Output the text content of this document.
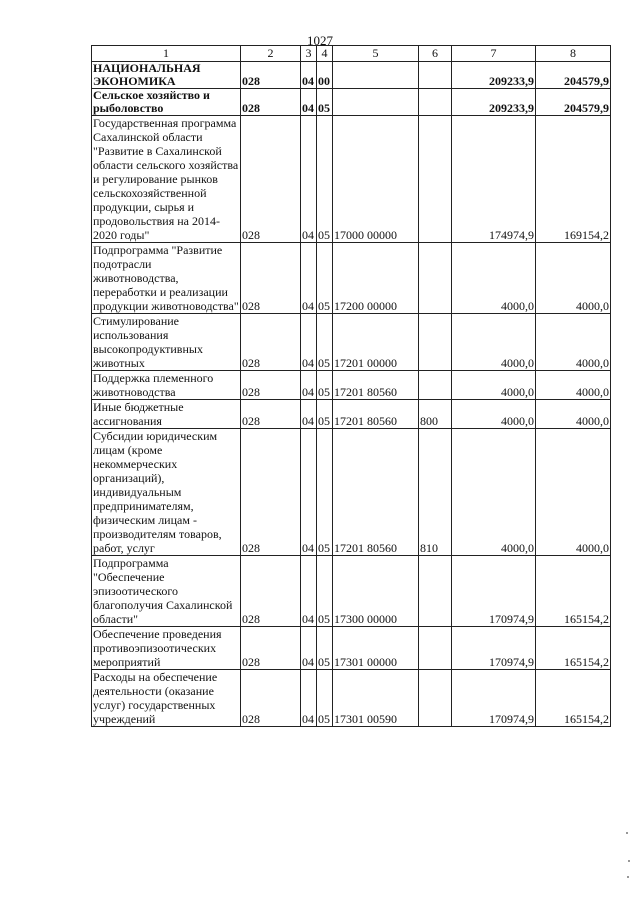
1027
1	2	3	4	5	6	7	8
НАЦИОНАЛЬНАЯ ЭКОНОМИКА	028	04	00			209233,9	204579,9
Сельское хозяйство и рыболовство	028	04	05			209233,9	204579,9
Государственная программа Сахалинской области "Развитие в Сахалинской области сельского хозяйства и регулирование рынков сельскохозяйственной продукции, сырья и продовольствия на 2014-2020 годы"	028	04	05	17000 00000		174974,9	169154,2
Подпрограмма "Развитие подотрасли животноводства, переработки и реализации продукции животноводства"	028	04	05	17200 00000		4000,0	4000,0
Стимулирование использования высокопродуктивных животных	028	04	05	17201 00000		4000,0	4000,0
Поддержка племенного животноводства	028	04	05	17201 80560		4000,0	4000,0
Иные бюджетные ассигнования	028	04	05	17201 80560	800	4000,0	4000,0
Субсидии юридическим лицам (кроме некоммерческих организаций), индивидуальным предпринимателям, физическим лицам - производителям товаров, работ, услуг	028	04	05	17201 80560	810	4000,0	4000,0
Подпрограмма "Обеспечение эпизоотического благополучия Сахалинской области"	028	04	05	17300 00000		170974,9	165154,2
Обеспечение проведения противоэпизоотических мероприятий	028	04	05	17301 00000		170974,9	165154,2
Расходы на обеспечение деятельности (оказание услуг) государственных учреждений	028	04	05	17301 00590		170974,9	165154,2
